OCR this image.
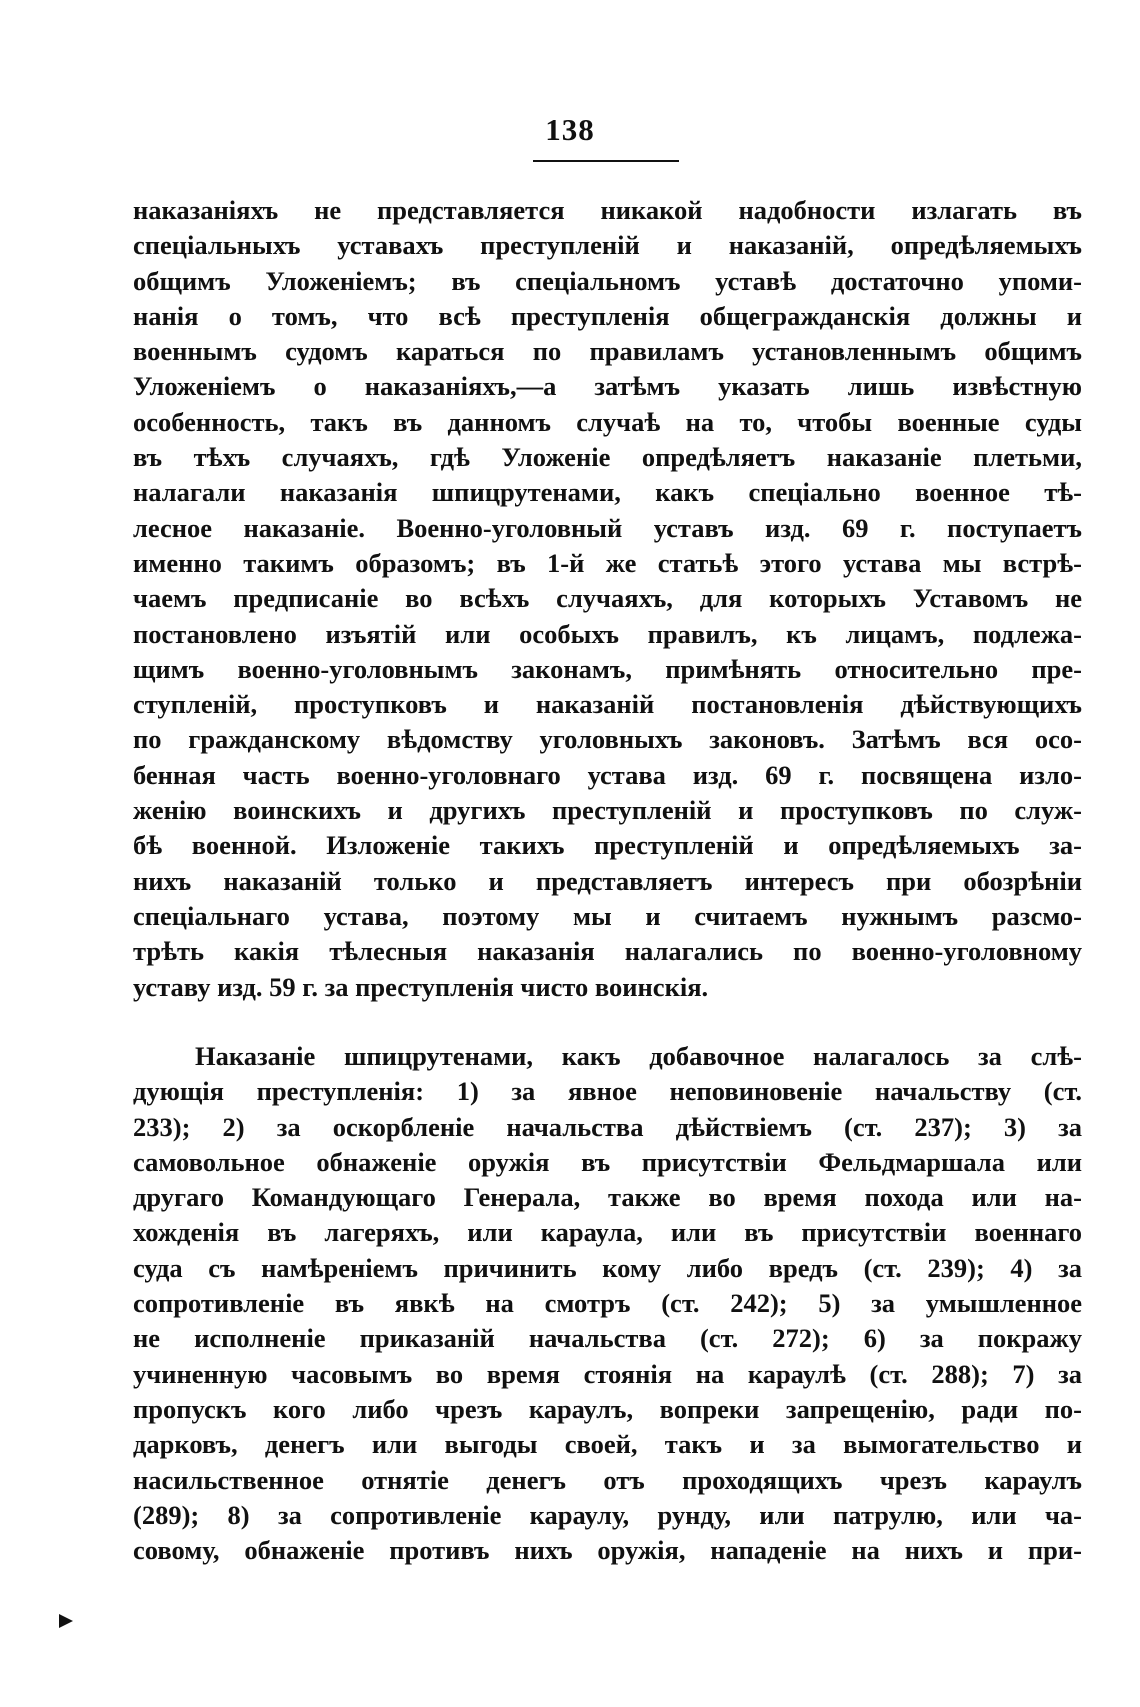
138
наказаніяхъ не представляется никакой надобности излагать въ
спеціальныхъ уставахъ преступленій и наказаній, опредѣляемыхъ
общимъ Уложеніемъ; въ спеціальномъ уставѣ достаточно упоми-
нанія о томъ, что всѣ преступленія общегражданскія должны и
военнымъ судомъ караться по правиламъ установленнымъ общимъ
Уложеніемъ о наказаніяхъ,—а затѣмъ указать лишь извѣстную
особенность, такъ въ данномъ случаѣ на то, чтобы военные суды
въ тѣхъ случаяхъ, гдѣ Уложеніе опредѣляетъ наказаніе плетьми,
налагали наказанія шпицрутенами, какъ спеціально военное тѣ-
лесное наказаніе. Военно-уголовный уставъ изд. 69 г. поступаетъ
именно такимъ образомъ; въ 1-й же статьѣ этого устава мы встрѣ-
чаемъ предписаніе во всѣхъ случаяхъ, для которыхъ Уставомъ не
постановлено изъятій или особыхъ правилъ, къ лицамъ, подлежа-
щимъ военно-уголовнымъ законамъ, примѣнять относительно пре-
ступленій, проступковъ и наказаній постановленія дѣйствующихъ
по гражданскому вѣдомству уголовныхъ законовъ. Затѣмъ вся осо-
бенная часть военно-уголовнаго устава изд. 69 г. посвящена изло-
женію воинскихъ и другихъ преступленій и проступковъ по служ-
бѣ военной. Изложеніе такихъ преступленій и опредѣляемыхъ за-
нихъ наказаній только и представляетъ интересъ при обозрѣніи
спеціальнаго устава, поэтому мы и считаемъ нужнымъ разсмо-
трѣть какія тѣлесныя наказанія налагались по военно-уголовному
уставу изд. 59 г. за преступленія чисто воинскія.
Наказаніе шпицрутенами, какъ добавочное налагалось за слѣ-
дующія преступленія: 1) за явное неповиновеніе начальству (ст.
233); 2) за оскорбленіе начальства дѣйствіемъ (ст. 237); 3) за
самовольное обнаженіе оружія въ присутствіи Фельдмаршала или
другаго Командующаго Генерала, также во время похода или на-
хожденія въ лагеряхъ, или караула, или въ присутствіи военнаго
суда съ намѣреніемъ причинить кому либо вредъ (ст. 239); 4) за
сопротивленіе въ явкѣ на смотръ (ст. 242); 5) за умышленное
не исполненіе приказаній начальства (ст. 272); 6) за покражу
учиненную часовымъ во время стоянія на караулѣ (ст. 288); 7) за
пропускъ кого либо чрезъ караулъ, вопреки запрещенію, ради по-
дарковъ, денегъ или выгоды своей, такъ и за вымогательство и
насильственное отнятіе денегъ отъ проходящихъ чрезъ караулъ
(289); 8) за сопротивленіе караулу, рунду, или патрулю, или ча-
совому, обнаженіе противъ нихъ оружія, нападеніе на нихъ и при-
